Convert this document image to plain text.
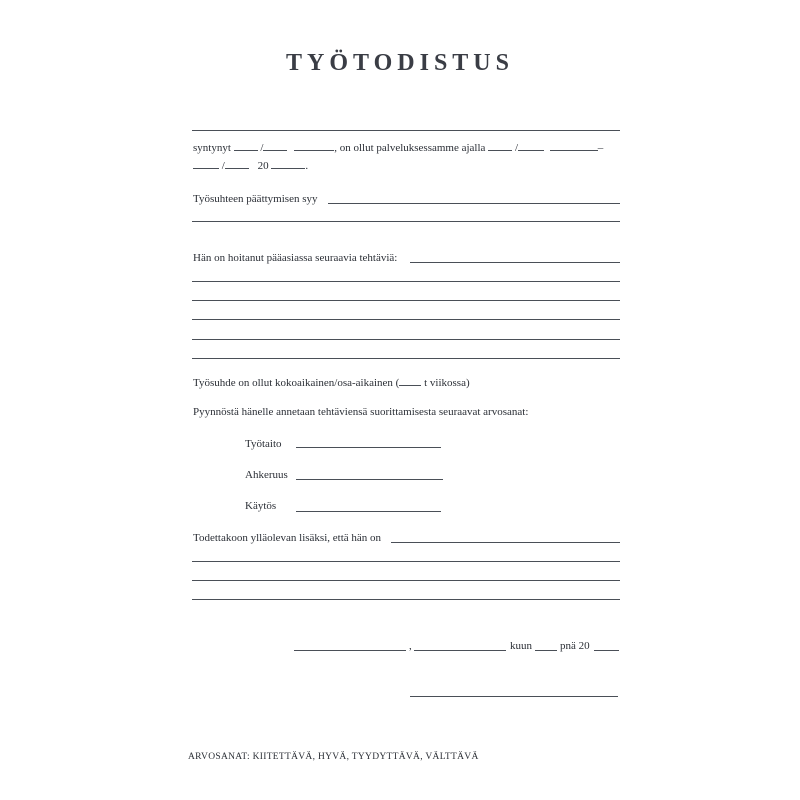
TYÖTODISTUS
syntynyt	/	, on ollut palveluksessamme ajalla	/	–
/	20	.
Työsuhteen päättymisen syy
Hän on hoitanut pääasiassa seuraavia tehtäviä:
Työsuhde on ollut kokoaikainen/osa-aikainen ( t viikossa)
Pyynnöstä hänelle annetaan tehtäviensä suorittamisesta seuraavat arvosanat:
Työtaito
Ahkeruus
Käytös
Todettakoon ylläolevan lisäksi, että hän on
,	kuun	pnä 20
ARVOSANAT: KIITETTÄVÄ, HYVÄ, TYYDYTTÄVÄ, VÄLTTÄVÄ
